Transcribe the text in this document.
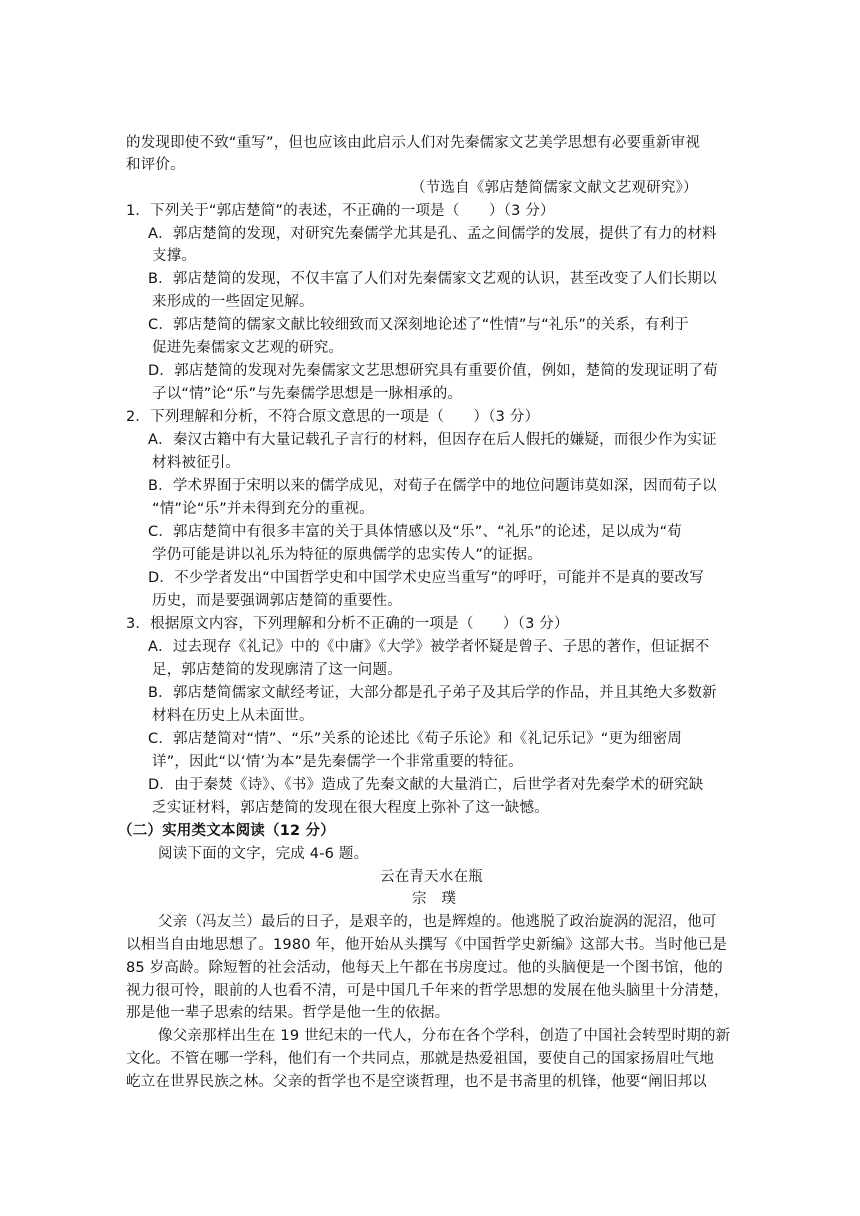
的发现即使不致“重写”，但也应该由此启示人们对先秦儒家文艺美学思想有必要重新审视
和评价。
（节选自《郭店楚简儒家文献文艺观研究》）
1．下列关于“郭店楚简”的表述，不正确的一项是（　　）（3 分）
A．郭店楚简的发现，对研究先秦儒学尤其是孔、孟之间儒学的发展，提供了有力的材料
支撑。
B．郭店楚简的发现，不仅丰富了人们对先秦儒家文艺观的认识，甚至改变了人们长期以
来形成的一些固定见解。
C．郭店楚简的儒家文献比较细致而又深刻地论述了“性情”与“礼乐”的关系，有利于
促进先秦儒家文艺观的研究。
D．郭店楚简的发现对先秦儒家文艺思想研究具有重要价值，例如，楚简的发现证明了荀
子以“情”论“乐”与先秦儒学思想是一脉相承的。
2．下列理解和分析，不符合原文意思的一项是（　　）（3 分）
A．秦汉古籍中有大量记载孔子言行的材料，但因存在后人假托的嫌疑，而很少作为实证
材料被征引。
B．学术界囿于宋明以来的儒学成见，对荀子在儒学中的地位问题讳莫如深，因而荀子以
“情”论“乐”并未得到充分的重视。
C．郭店楚简中有很多丰富的关于具体情感以及“乐”、“礼乐”的论述，足以成为“荀
学仍可能是讲以礼乐为特征的原典儒学的忠实传人”的证据。
D．不少学者发出“中国哲学史和中国学术史应当重写”的呼吁，可能并不是真的要改写
历史，而是要强调郭店楚简的重要性。
3．根据原文内容，下列理解和分析不正确的一项是（　　）（3 分）
A．过去现存《礼记》中的《中庸》《大学》被学者怀疑是曾子、子思的著作，但证据不
足，郭店楚简的发现廓清了这一问题。
B．郭店楚简儒家文献经考证，大部分都是孔子弟子及其后学的作品，并且其绝大多数新
材料在历史上从未面世。
C．郭店楚简对“情”、“乐”关系的论述比《荀子乐论》和《礼记乐记》“更为细密周
详”，因此“以‘情’为本”是先秦儒学一个非常重要的特征。
D．由于秦焚《诗》、《书》造成了先秦文献的大量消亡，后世学者对先秦学术的研究缺
乏实证材料，郭店楚简的发现在很大程度上弥补了这一缺憾。
（二）实用类文本阅读（12 分）
阅读下面的文字，完成 4-6 题。
云在青天水在瓶
宗　璞
父亲（冯友兰）最后的日子，是艰辛的，也是辉煌的。他逃脱了政治旋涡的泥沼，他可
以相当自由地思想了。1980 年，他开始从头撰写《中国哲学史新编》这部大书。当时他已是
85 岁高龄。除短暂的社会活动，他每天上午都在书房度过。他的头脑便是一个图书馆，他的
视力很可怜，眼前的人也看不清，可是中国几千年来的哲学思想的发展在他头脑里十分清楚，
那是他一辈子思索的结果。哲学是他一生的依据。
像父亲那样出生在 19 世纪末的一代人，分布在各个学科，创造了中国社会转型时期的新
文化。不管在哪一学科，他们有一个共同点，那就是热爱祖国，要使自己的国家扬眉吐气地
屹立在世界民族之林。父亲的哲学也不是空谈哲理，也不是书斋里的机锋，他要“阐旧邦以
